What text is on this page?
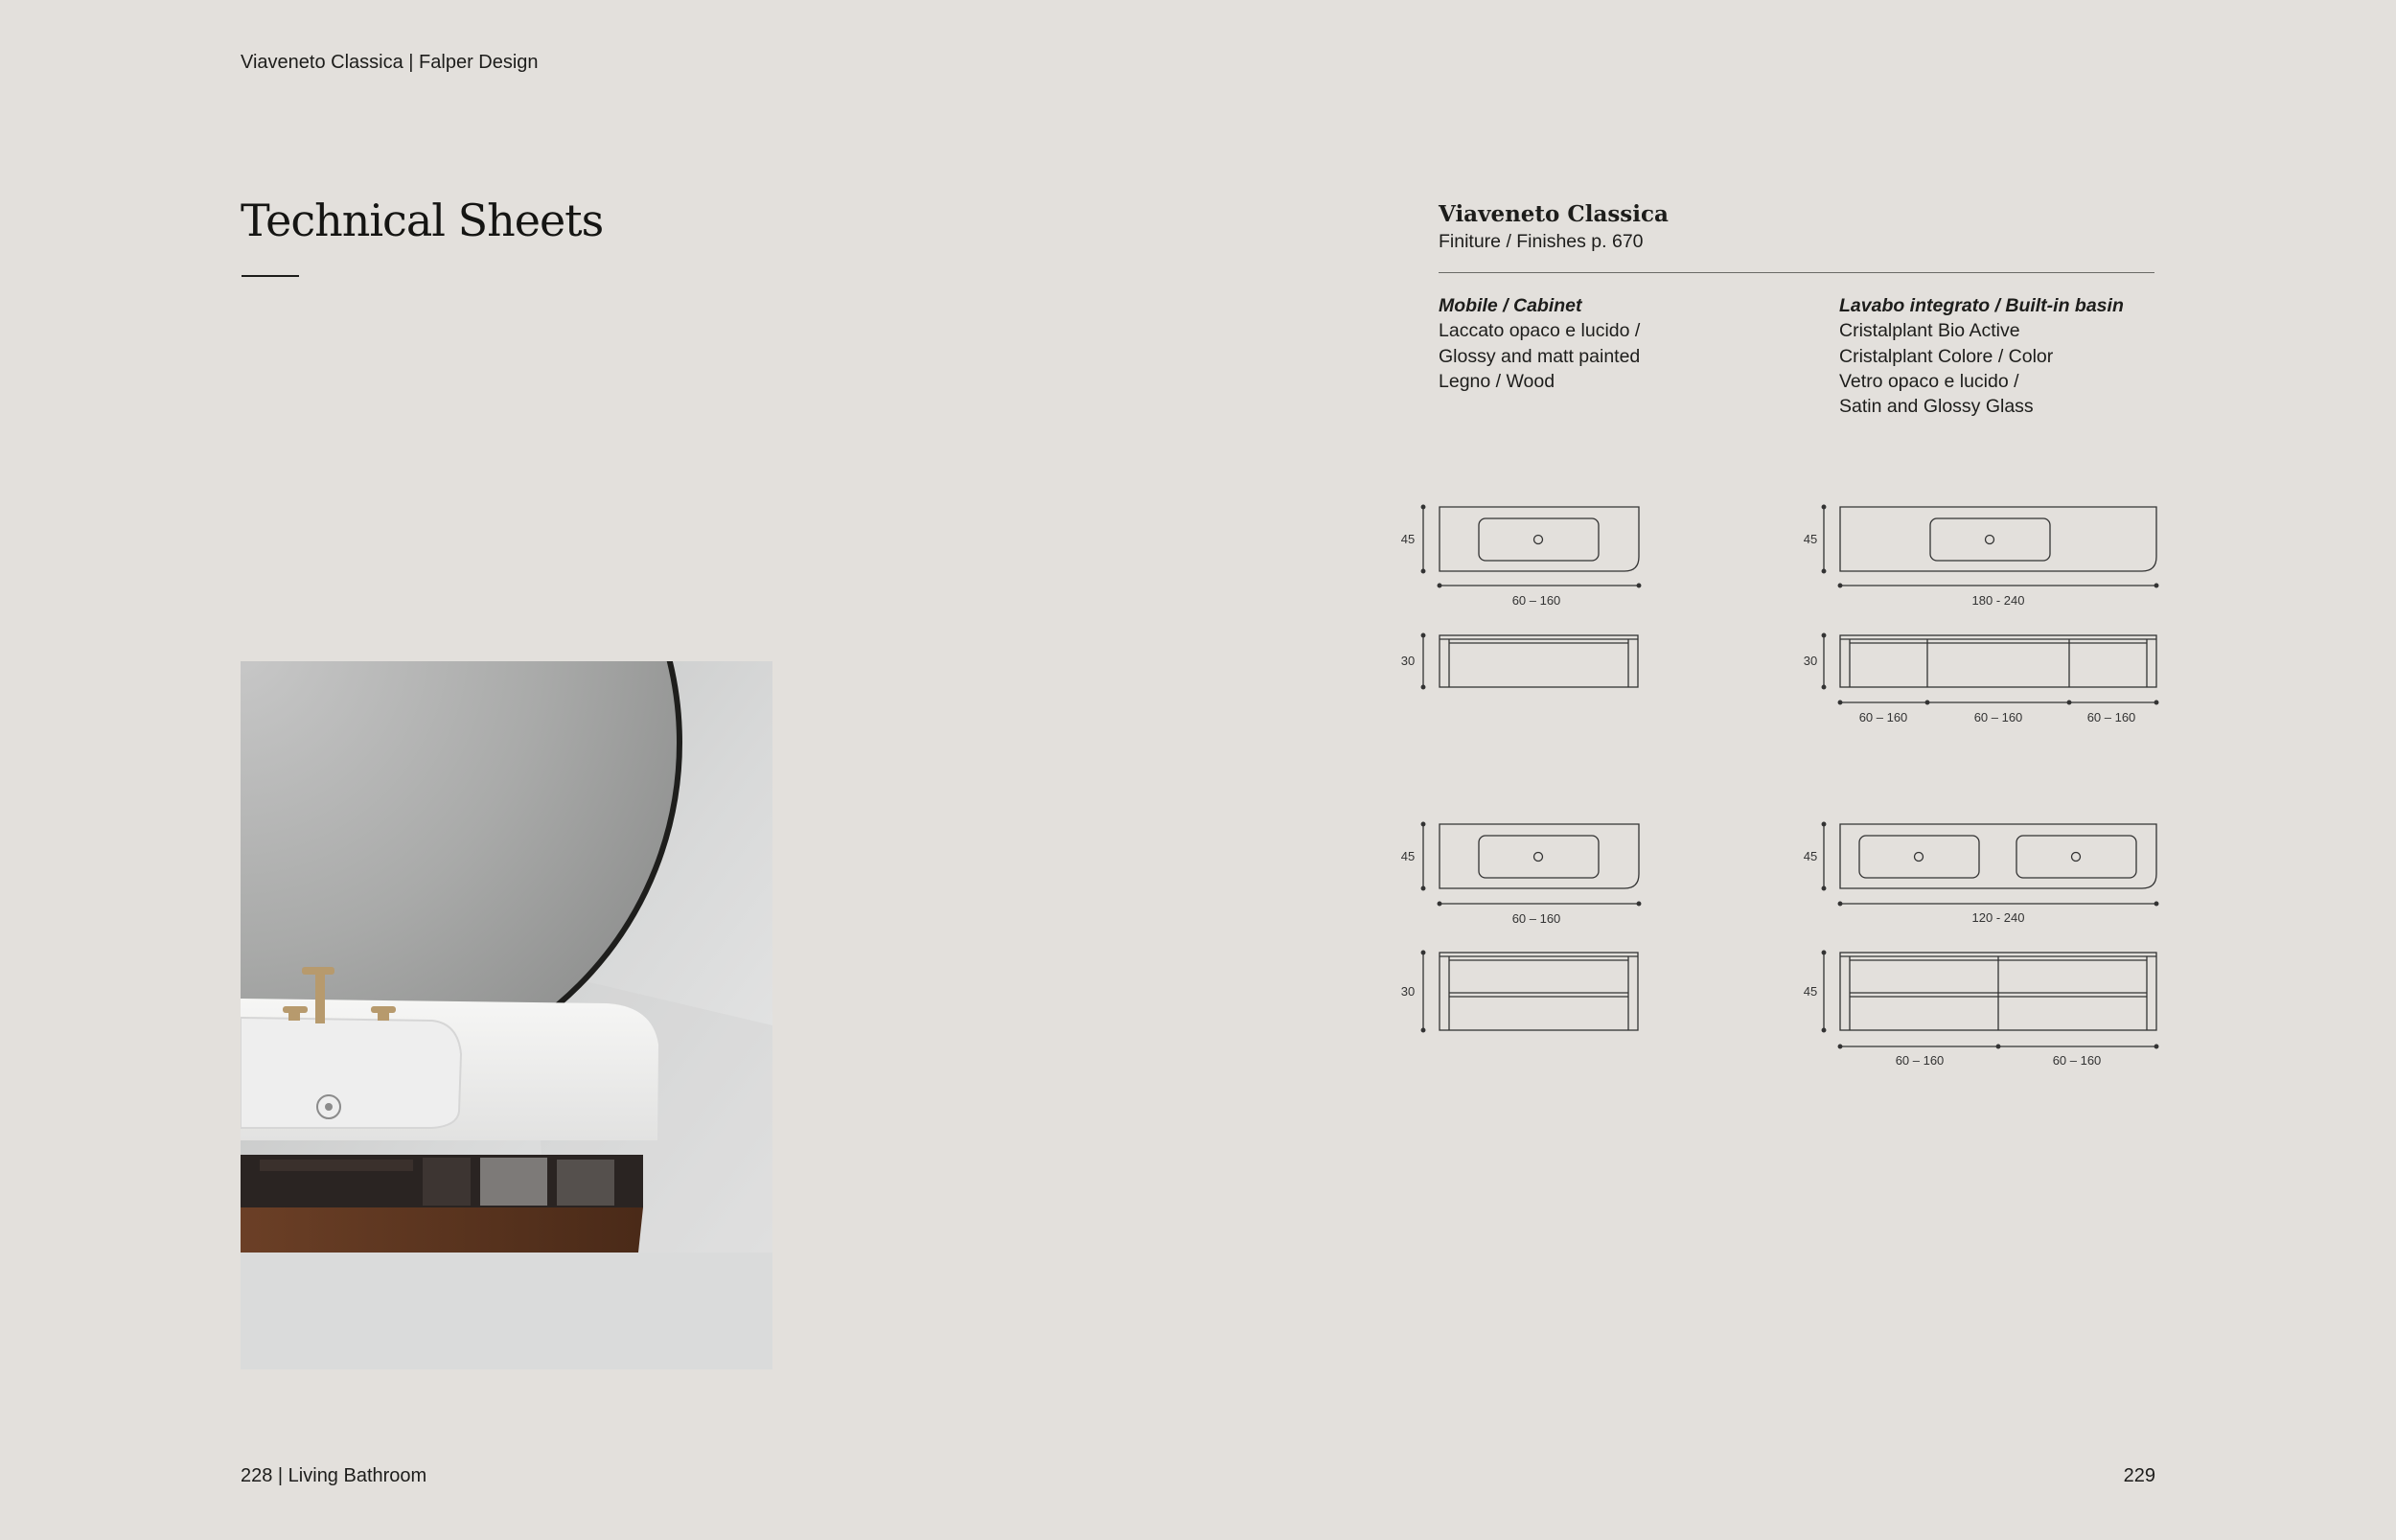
Viaveneto Classica | Falper Design
Technical Sheets	Viaveneto Classica
Finiture / Finishes p. 670
Mobile / Cabinet
Laccato opaco e lucido /
Glossy and matt painted
Legno / Wood
Lavabo integrato / Built-in basin
Cristalplant Bio Active
Cristalplant Colore / Color
Vetro opaco e lucido /
Satin and Glossy Glass
45
60 – 160
30
45
180 - 240
30
60 – 160	60 – 160	60 – 160
45
60 – 160
30
45
120 - 240
45
60 – 160	60 – 160
228 | Living Bathroom	229
